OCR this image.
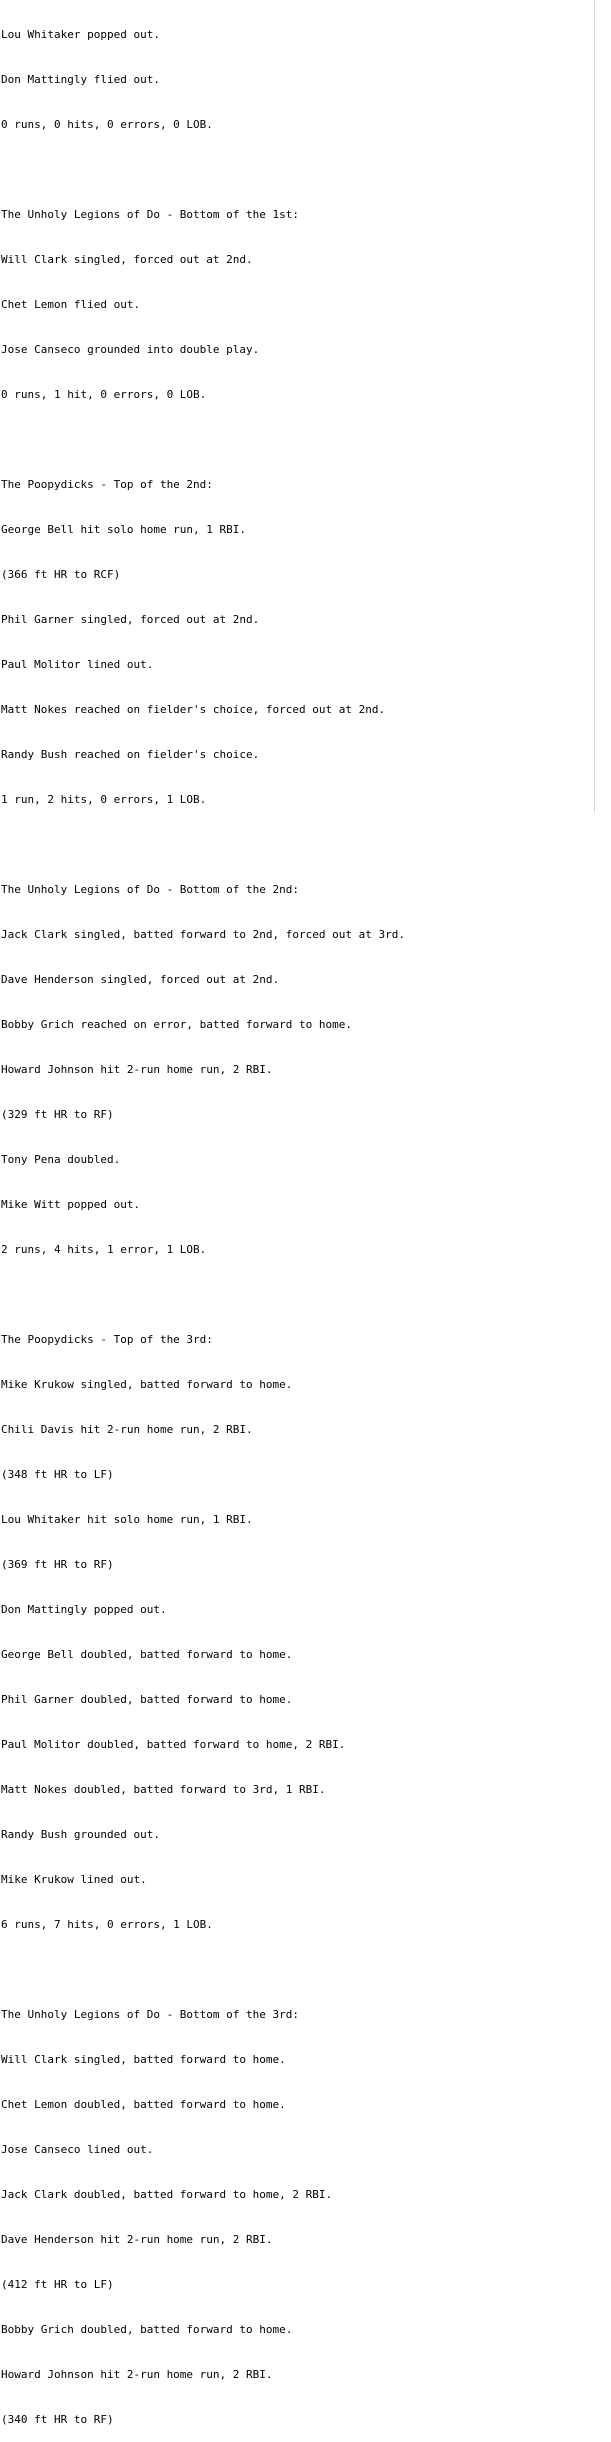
Lou Whitaker popped out.

Don Mattingly flied out.

0 runs, 0 hits, 0 errors, 0 LOB.

The Unholy Legions of Do - Bottom of the 1st:

Will Clark singled, forced out at 2nd.

Chet Lemon flied out.

Jose Canseco grounded into double play.

0 runs, 1 hit, 0 errors, 0 LOB.

The Poopydicks - Top of the 2nd:

George Bell hit solo home run, 1 RBI.

(366 ft HR to RCF)

Phil Garner singled, forced out at 2nd.

Paul Molitor lined out.

Matt Nokes reached on fielder's choice, forced out at 2nd.

Randy Bush reached on fielder's choice.

1 run, 2 hits, 0 errors, 1 LOB.

The Unholy Legions of Do - Bottom of the 2nd:

Jack Clark singled, batted forward to 2nd, forced out at 3rd.

Dave Henderson singled, forced out at 2nd.

Bobby Grich reached on error, batted forward to home.

Howard Johnson hit 2-run home run, 2 RBI.

(329 ft HR to RF)

Tony Pena doubled.

Mike Witt popped out.

2 runs, 4 hits, 1 error, 1 LOB.

The Poopydicks - Top of the 3rd:

Mike Krukow singled, batted forward to home.

Chili Davis hit 2-run home run, 2 RBI.

(348 ft HR to LF)

Lou Whitaker hit solo home run, 1 RBI.

(369 ft HR to RF)

Don Mattingly popped out.

George Bell doubled, batted forward to home.

Phil Garner doubled, batted forward to home.

Paul Molitor doubled, batted forward to home, 2 RBI.

Matt Nokes doubled, batted forward to 3rd, 1 RBI.

Randy Bush grounded out.

Mike Krukow lined out.

6 runs, 7 hits, 0 errors, 1 LOB.

The Unholy Legions of Do - Bottom of the 3rd:

Will Clark singled, batted forward to home.

Chet Lemon doubled, batted forward to home.

Jose Canseco lined out.

Jack Clark doubled, batted forward to home, 2 RBI.

Dave Henderson hit 2-run home run, 2 RBI.

(412 ft HR to LF)

Bobby Grich doubled, batted forward to home.

Howard Johnson hit 2-run home run, 2 RBI.

(340 ft HR to RF)
